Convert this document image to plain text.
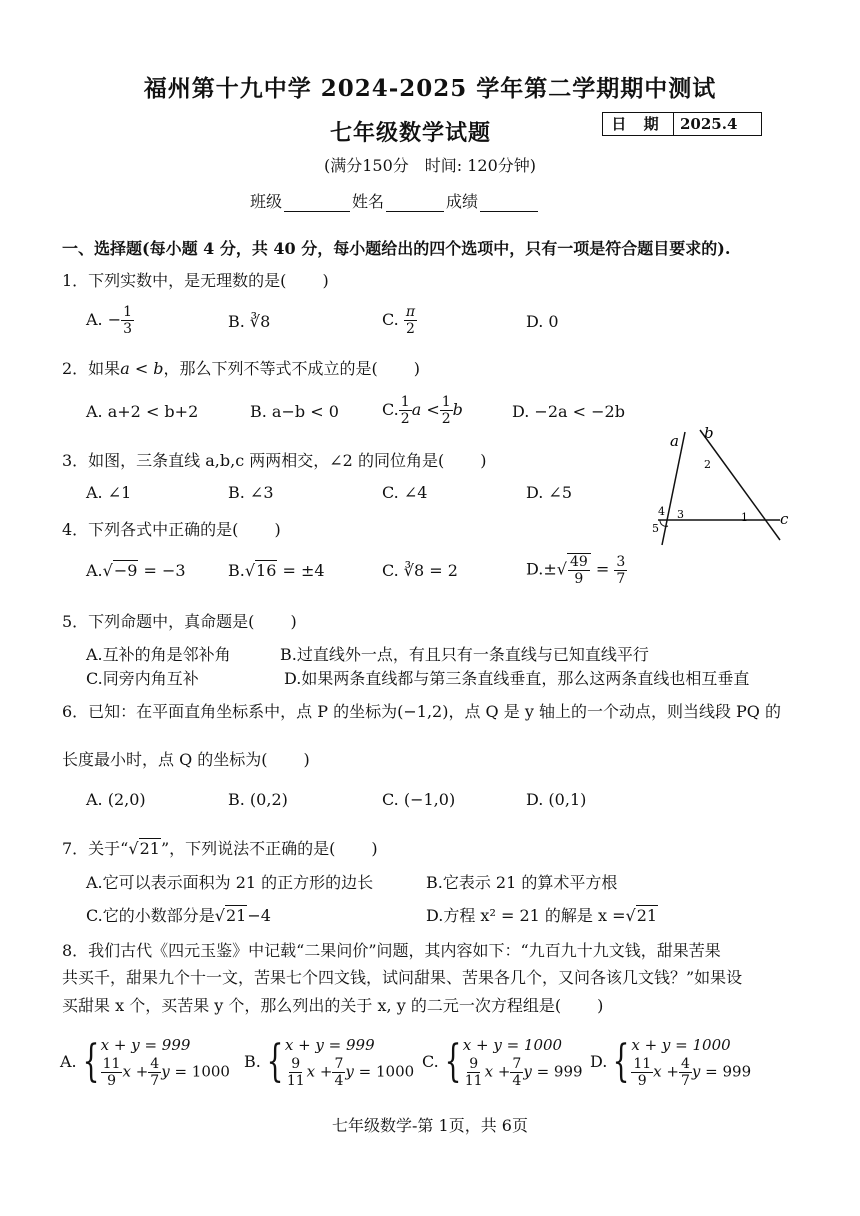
福州第十九中学 2024-2025 学年第二学期期中测试
七年级数学试题	日 期	2025.4
(满分150分　时间: 120分钟)
班级	姓名	成绩
一、选择题(每小题 4 分，共 40 分，每小题给出的四个选项中，只有一项是符合题目要求的).
1．下列实数中，是无理数的是( )
A. − $\frac{1}{3}$	B. ∛8	C. $\frac{\pi}{2}$	D. 0
2．如果a < b，那么下列不等式不成立的是( )
A. a+2 < b+2	B. a−b < 0	C. $\frac{1}{2}$ $a < \frac{1}{2}$ b	D. −2a < −2b
3．如图，三条直线 a,b,c 两两相交，∠2 的同位角是( )
A. ∠1	B. ∠3	C. ∠4	D. ∠5
a b
c
1
2
3
4
5
4．下列各式中正确的是( )
A.√−9 = −3	B.√16 = ±4	C. ∛8 = 2	$D.\pm√ \frac{49}{9} = \frac{3}{7}$
5．下列命题中，真命题是( )
A.互补的角是邻补角	B.过直线外一点，有且只有一条直线与已知直线平行
C.同旁内角互补	D.如果两条直线都与第三条直线垂直，那么这两条直线也相互垂直
6．已知：在平面直角坐标系中，点 P 的坐标为(−1,2)，点 Q 是 y 轴上的一个动点，则当线段 PQ 的
长度最小时，点 Q 的坐标为( )
A. (2,0)	B. (0,2)	C. (−1,0)	D. (0,1)
7．关于“√21”，下列说法不正确的是( )
A.它可以表示面积为 21 的正方形的边长	B.它表示 21 的算术平方根
C.它的小数部分是√21−4	D.方程 x² = 21 的解是 x =√21
8．我们古代《四元玉鉴》中记载“二果问价”问题，其内容如下：“九百九十九文钱，甜果苦果
共买千，甜果九个十一文，苦果七个四文钱，试问甜果、苦果各几个，又问各该几文钱？”如果设
买甜果 x 个，买苦果 y 个，那么列出的关于 x, y 的二元一次方程组是( )
A. { x + y = 999
$\frac{11}{9}$ $x + \frac{4}{7}$ y = 1000
B. { x + y = 999
$\frac{9}{11}$ $x + \frac{7}{4}$ y = 1000
C. { x + y = 1000
$\frac{9}{11}$ $x + \frac{7}{4}$ y = 999
D. { x + y = 1000
$\frac{11}{9}$ $x + \frac{4}{7}$ y = 999
七年级数学-第 1页，共 6页
